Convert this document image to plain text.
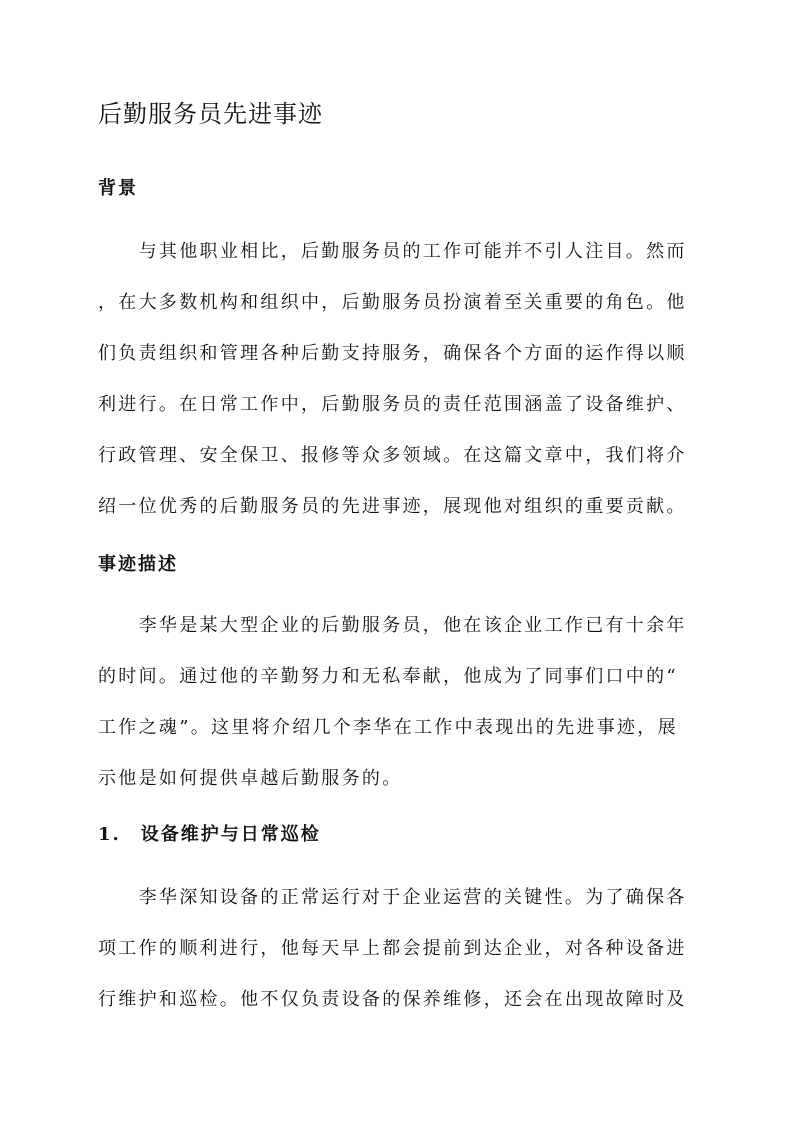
后勤服务员先进事迹
背景
　　与其他职业相比，后勤服务员的工作可能并不引人注目。然而
，在大多数机构和组织中，后勤服务员扮演着至关重要的角色。他
们负责组织和管理各种后勤支持服务，确保各个方面的运作得以顺
利进行。在日常工作中，后勤服务员的责任范围涵盖了设备维护、
行政管理、安全保卫、报修等众多领域。在这篇文章中，我们将介
绍一位优秀的后勤服务员的先进事迹，展现他对组织的重要贡献。
事迹描述
　　李华是某大型企业的后勤服务员，他在该企业工作已有十余年
的时间。通过他的辛勤努力和无私奉献，他成为了同事们口中的“
工作之魂”。这里将介绍几个李华在工作中表现出的先进事迹，展
示他是如何提供卓越后勤服务的。
1.　设备维护与日常巡检
　　李华深知设备的正常运行对于企业运营的关键性。为了确保各
项工作的顺利进行，他每天早上都会提前到达企业，对各种设备进
行维护和巡检。他不仅负责设备的保养维修，还会在出现故障时及
